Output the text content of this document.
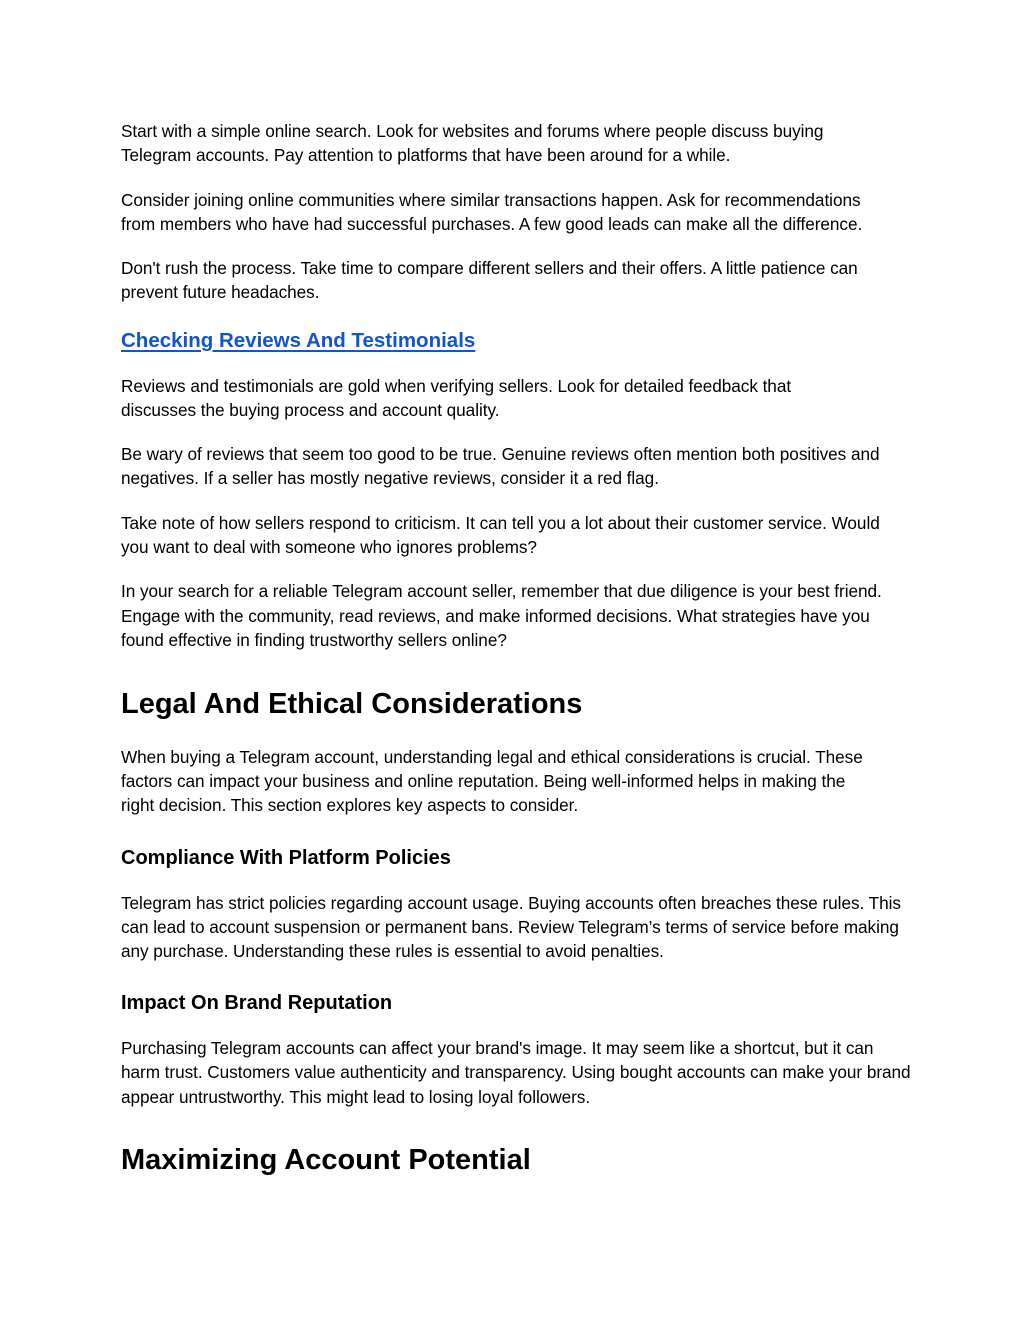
Start with a simple online search. Look for websites and forums where people discuss buying Telegram accounts. Pay attention to platforms that have been around for a while.

Consider joining online communities where similar transactions happen. Ask for recommendations from members who have had successful purchases. A few good leads can make all the difference.

Don't rush the process. Take time to compare different sellers and their offers. A little patience can prevent future headaches.

Checking Reviews And Testimonials

Reviews and testimonials are gold when verifying sellers. Look for detailed feedback that discusses the buying process and account quality.

Be wary of reviews that seem too good to be true. Genuine reviews often mention both positives and negatives. If a seller has mostly negative reviews, consider it a red flag.

Take note of how sellers respond to criticism. It can tell you a lot about their customer service. Would you want to deal with someone who ignores problems?

In your search for a reliable Telegram account seller, remember that due diligence is your best friend. Engage with the community, read reviews, and make informed decisions. What strategies have you found effective in finding trustworthy sellers online?

Legal And Ethical Considerations

When buying a Telegram account, understanding legal and ethical considerations is crucial. These factors can impact your business and online reputation. Being well-informed helps in making the right decision. This section explores key aspects to consider.

Compliance With Platform Policies

Telegram has strict policies regarding account usage. Buying accounts often breaches these rules. This can lead to account suspension or permanent bans. Review Telegram’s terms of service before making any purchase. Understanding these rules is essential to avoid penalties.

Impact On Brand Reputation

Purchasing Telegram accounts can affect your brand's image. It may seem like a shortcut, but it can harm trust. Customers value authenticity and transparency. Using bought accounts can make your brand appear untrustworthy. This might lead to losing loyal followers.

Maximizing Account Potential
